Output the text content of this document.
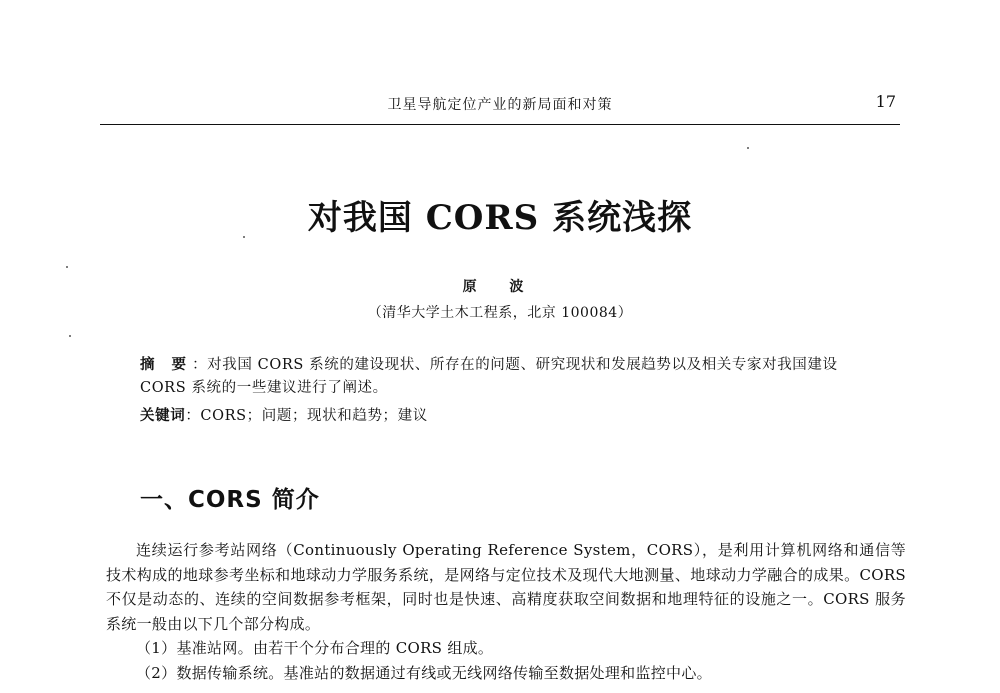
卫星导航定位产业的新局面和对策	17
对我国 CORS 系统浅探
原 波
（清华大学土木工程系，北京 100084）
摘 要：对我国 CORS 系统的建设现状、所存在的问题、研究现状和发展趋势以及相关专家对我国建设 CORS 系统的一些建议进行了阐述。
关键词：CORS；问题；现状和趋势；建议
一、CORS 简介

连续运行参考站网络（Continuously Operating Reference System，CORS），是利用计算机网络和通信等技术构成的地球参考坐标和地球动力学服务系统，是网络与定位技术及现代大地测量、地球动力学融合的成果。CORS 不仅是动态的、连续的空间数据参考框架，同时也是快速、高精度获取空间数据和地理特征的设施之一。CORS 服务系统一般由以下几个部分构成。

（1）基准站网。由若干个分布合理的 CORS 组成。

（2）数据传输系统。基准站的数据通过有线或无线网络传输至数据处理和监控中心。
